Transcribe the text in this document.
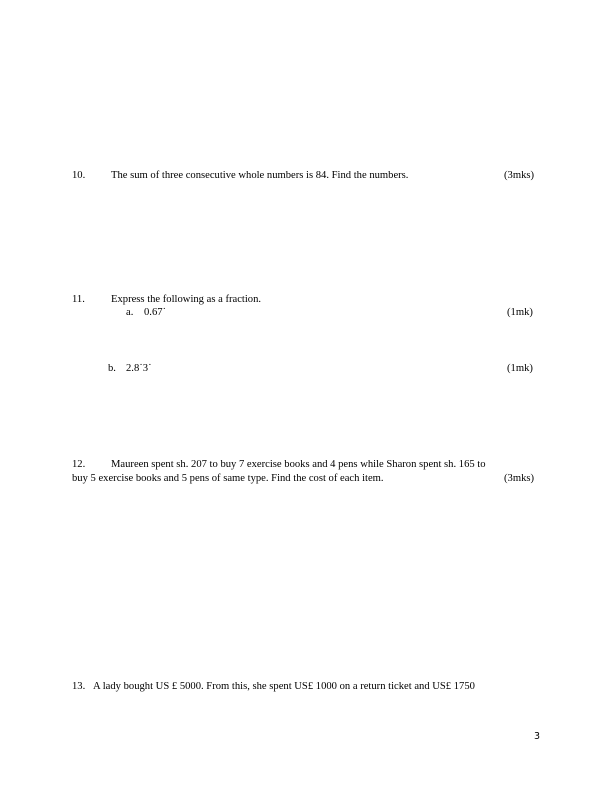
10. The sum of three consecutive whole numbers is 84. Find the numbers.	(3mks)
11. Express the following as a fraction.
a. 0.67˙	(1mk)
b. 2.8˙3˙	(1mk)
12. Maureen spent sh. 207 to buy 7 exercise books and 4 pens while Sharon spent sh. 165 to
buy 5 exercise books and 5 pens of same type. Find the cost of each item.	(3mks)
13. A lady bought US £ 5000. From this, she spent US£ 1000 on a return ticket and US£ 1750
3
